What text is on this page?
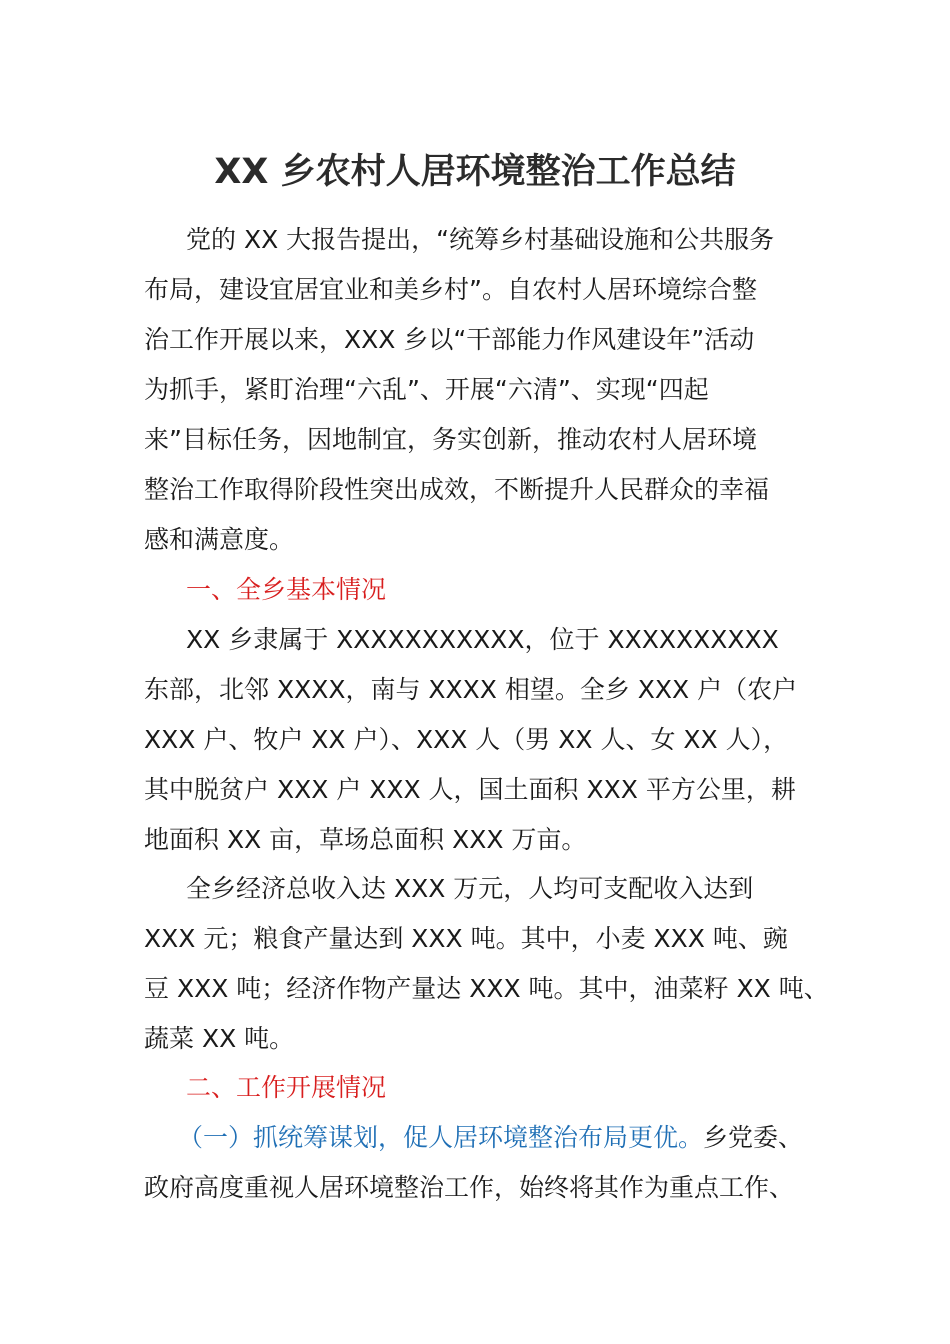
XX 乡农村人居环境整治工作总结

党的 XX 大报告提出，“统筹乡村基础设施和公共服务

布局，建设宜居宜业和美乡村”。自农村人居环境综合整

治工作开展以来，XXX 乡以“干部能力作风建设年”活动

为抓手，紧盯治理“六乱”、开展“六清”、实现“四起

来”目标任务，因地制宜，务实创新，推动农村人居环境

整治工作取得阶段性突出成效，不断提升人民群众的幸福

感和满意度。

一、全乡基本情况

XX 乡隶属于 XXXXXXXXXXX，位于 XXXXXXXXXX

东部，北邻 XXXX，南与 XXXX 相望。全乡 XXX 户（农户

XXX 户、牧户 XX 户）、XXX 人（男 XX 人、女 XX 人），

其中脱贫户 XXX 户 XXX 人，国土面积 XXX 平方公里，耕

地面积 XX 亩，草场总面积 XXX 万亩。

全乡经济总收入达 XXX 万元，人均可支配收入达到

XXX 元；粮食产量达到 XXX 吨。其中，小麦 XXX 吨、豌

豆 XXX 吨；经济作物产量达 XXX 吨。其中，油菜籽 XX 吨、

蔬菜 XX 吨。

二、工作开展情况

（一）抓统筹谋划，促人居环境整治布局更优。乡党委、

政府高度重视人居环境整治工作，始终将其作为重点工作、
